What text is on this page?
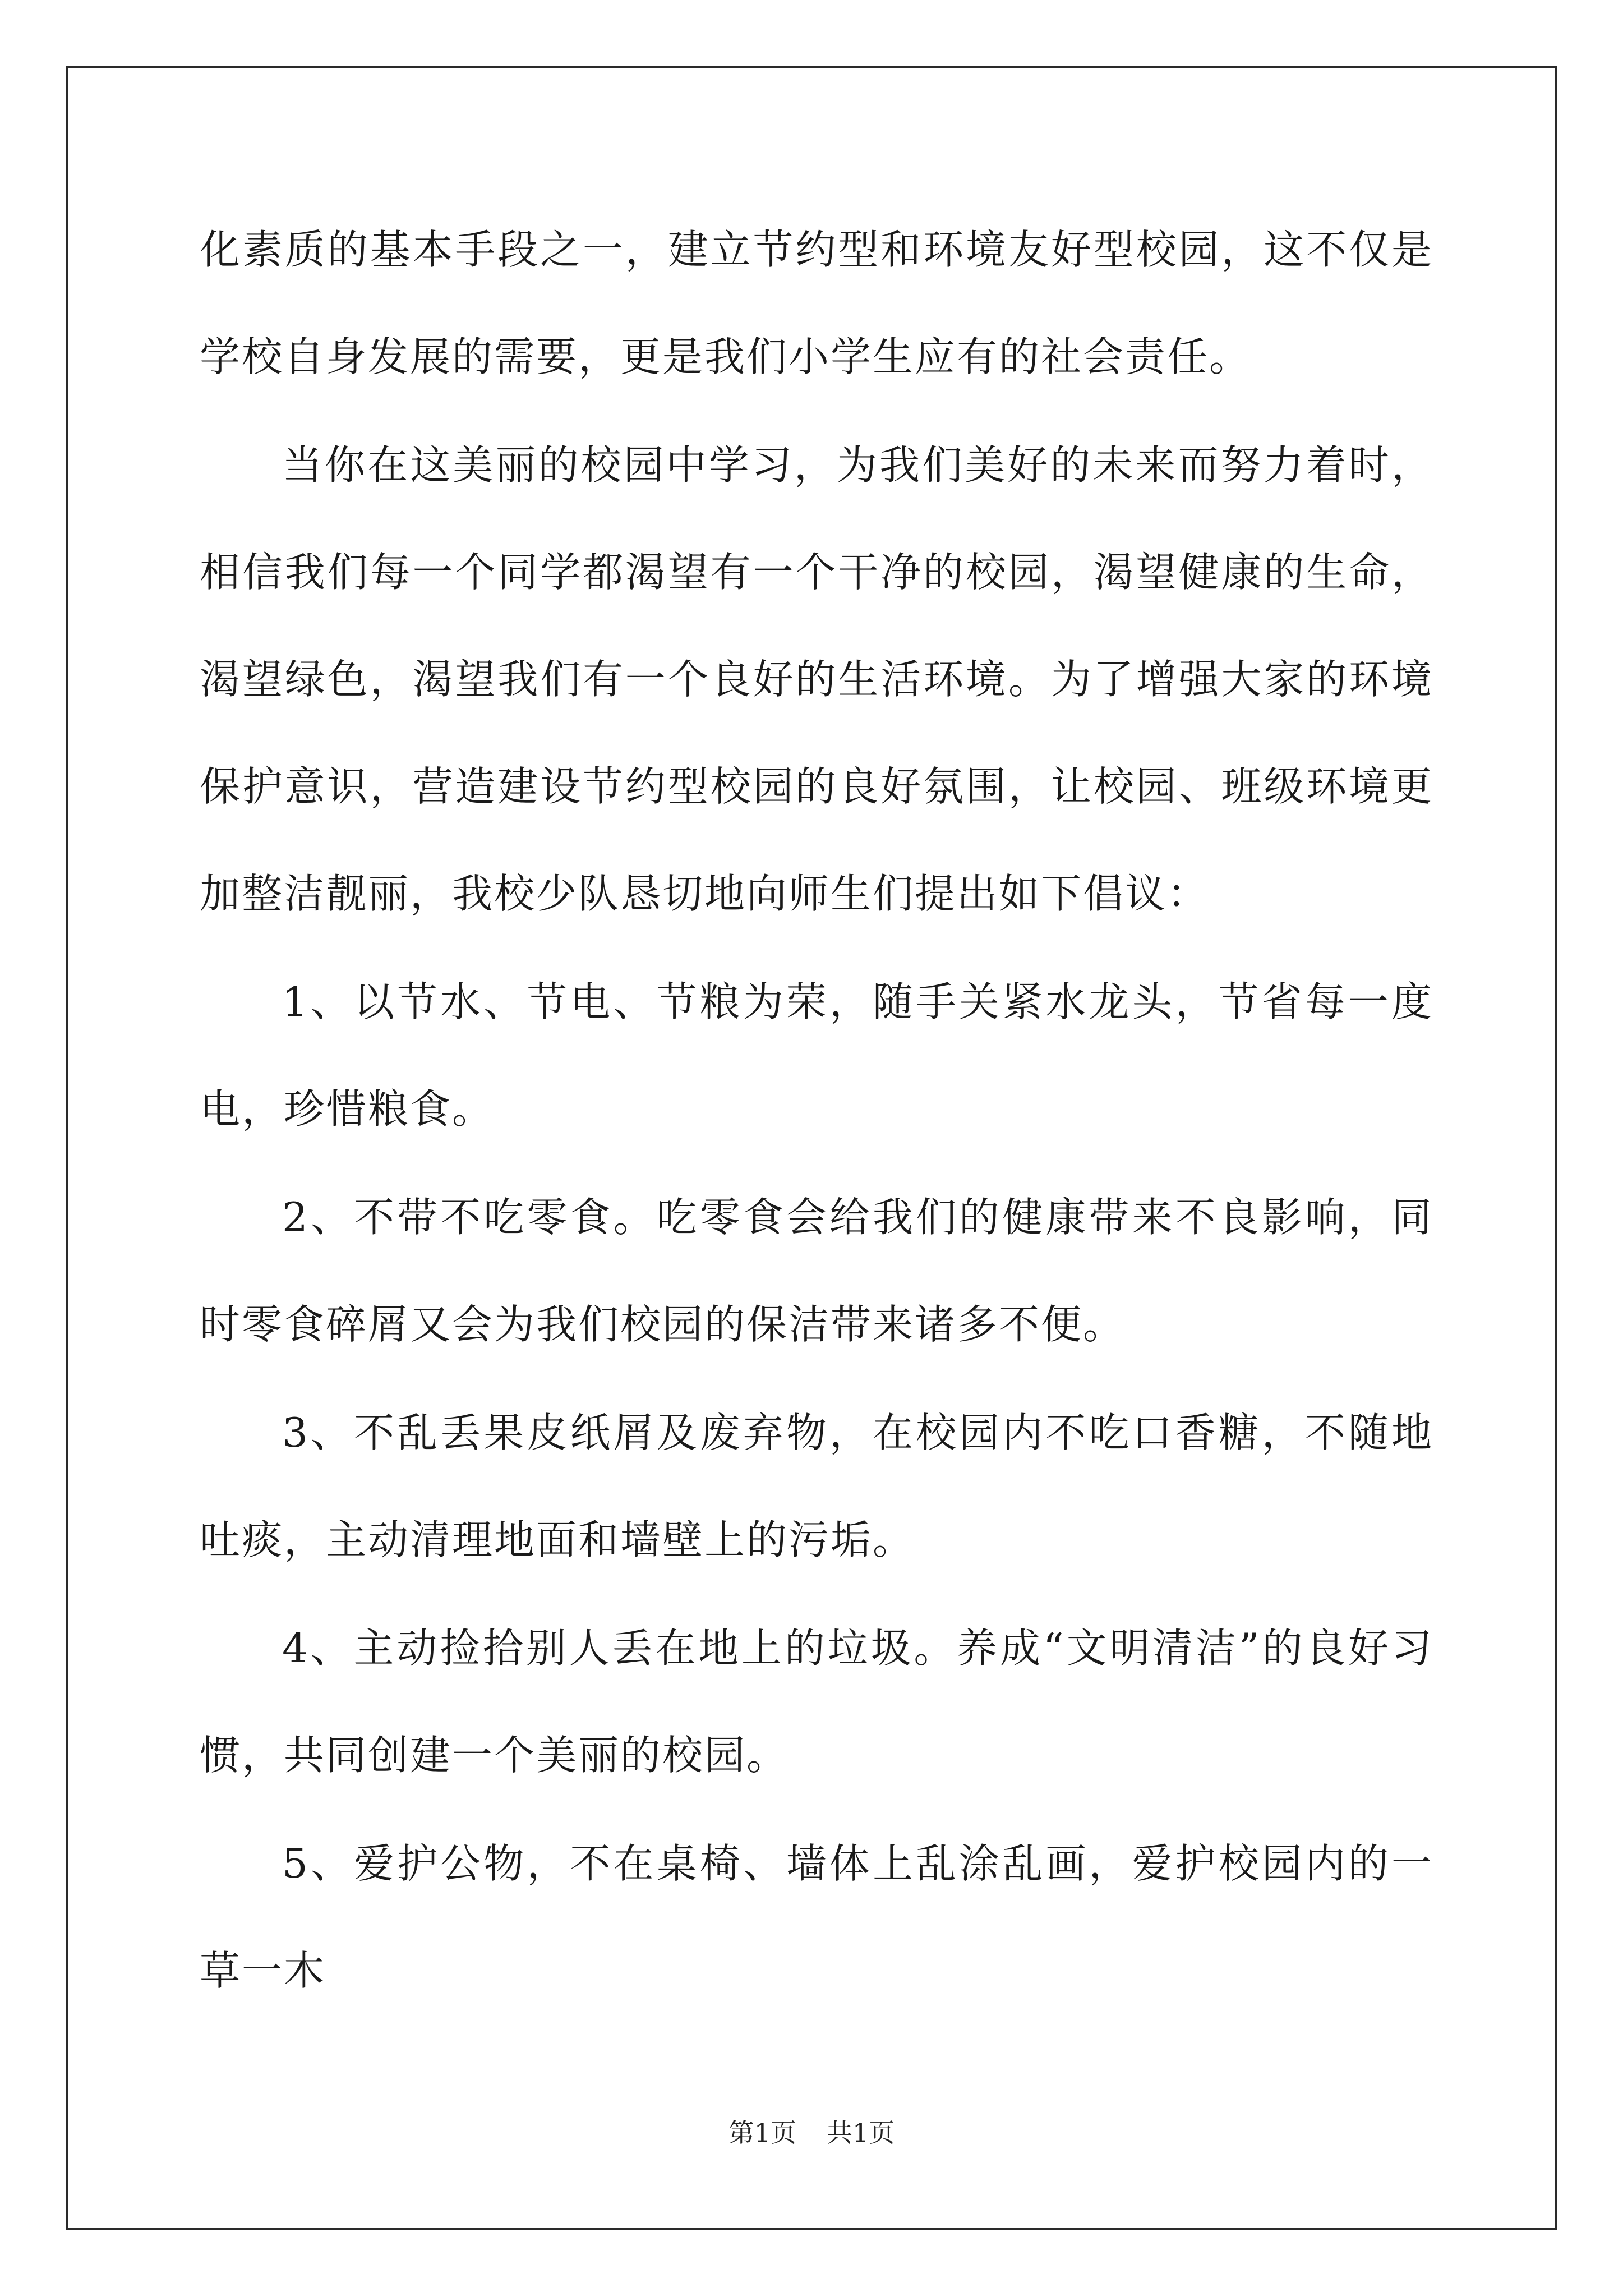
化素质的基本手段之一，建立节约型和环境友好型校园，这不仅是学校自身发展的需要，更是我们小学生应有的社会责任。

当你在这美丽的校园中学习，为我们美好的未来而努力着时，相信我们每一个同学都渴望有一个干净的校园，渴望健康的生命，渴望绿色，渴望我们有一个良好的生活环境。为了增强大家的环境保护意识，营造建设节约型校园的良好氛围，让校园、班级环境更加整洁靓丽，我校少队恳切地向师生们提出如下倡议：

1、以节水、节电、节粮为荣，随手关紧水龙头，节省每一度电，珍惜粮食。

2、不带不吃零食。吃零食会给我们的健康带来不良影响，同时零食碎屑又会为我们校园的保洁带来诸多不便。

3、不乱丢果皮纸屑及废弃物，在校园内不吃口香糖，不随地吐痰，主动清理地面和墙壁上的污垢。

4、主动捡拾别人丢在地上的垃圾。养成“文明清洁”的良好习惯，共同创建一个美丽的校园。

5、爱护公物，不在桌椅、墙体上乱涂乱画，爱护校园内的一草一木

第1页 共1页
